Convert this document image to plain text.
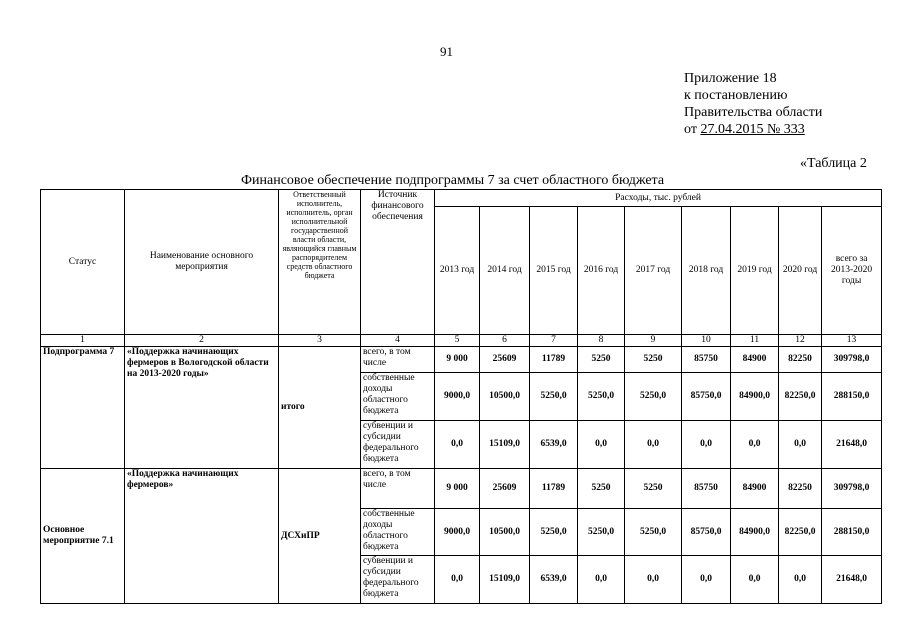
91
Приложение 18
к постановлению
Правительства области
от 27.04.2015 № 333
«Таблица 2
Финансовое обеспечение подпрограммы 7 за счет областного бюджета
Статус	Наименование основного мероприятия	Ответственный исполнитель, исполнитель, орган исполнительной государственной власти области, являющийся главным распорядителем средств областного бюджета	Источник финансового обеспечения	Расходы, тыс. рублей								
				2013 год	2014 год	2015 год	2016 год	2017 год	2018 год	2019 год	2020 год	всего за 2013-2020 годы
1	2	3	4	5	6	7	8	9	10	11	12	13
Подпрограмма 7	«Поддержка начинающих фермеров в Вологодской области на 2013-2020 годы»	итого	всего, в том числе	9 000	25609	11789	5250	5250	85750	84900	82250	309798,0
			собственные доходы областного бюджета	9000,0	10500,0	5250,0	5250,0	5250,0	85750,0	84900,0	82250,0	288150,0
			субвенции и субсидии федерального бюджета	0,0	15109,0	6539,0	0,0	0,0	0,0	0,0	0,0	21648,0
Основное мероприятие 7.1	«Поддержка начинающих фермеров»	ДСХиПР	всего, в том числе	9 000	25609	11789	5250	5250	85750	84900	82250	309798,0
			собственные доходы областного бюджета	9000,0	10500,0	5250,0	5250,0	5250,0	85750,0	84900,0	82250,0	288150,0
			субвенции и субсидии федерального бюджета	0,0	15109,0	6539,0	0,0	0,0	0,0	0,0	0,0	21648,0
